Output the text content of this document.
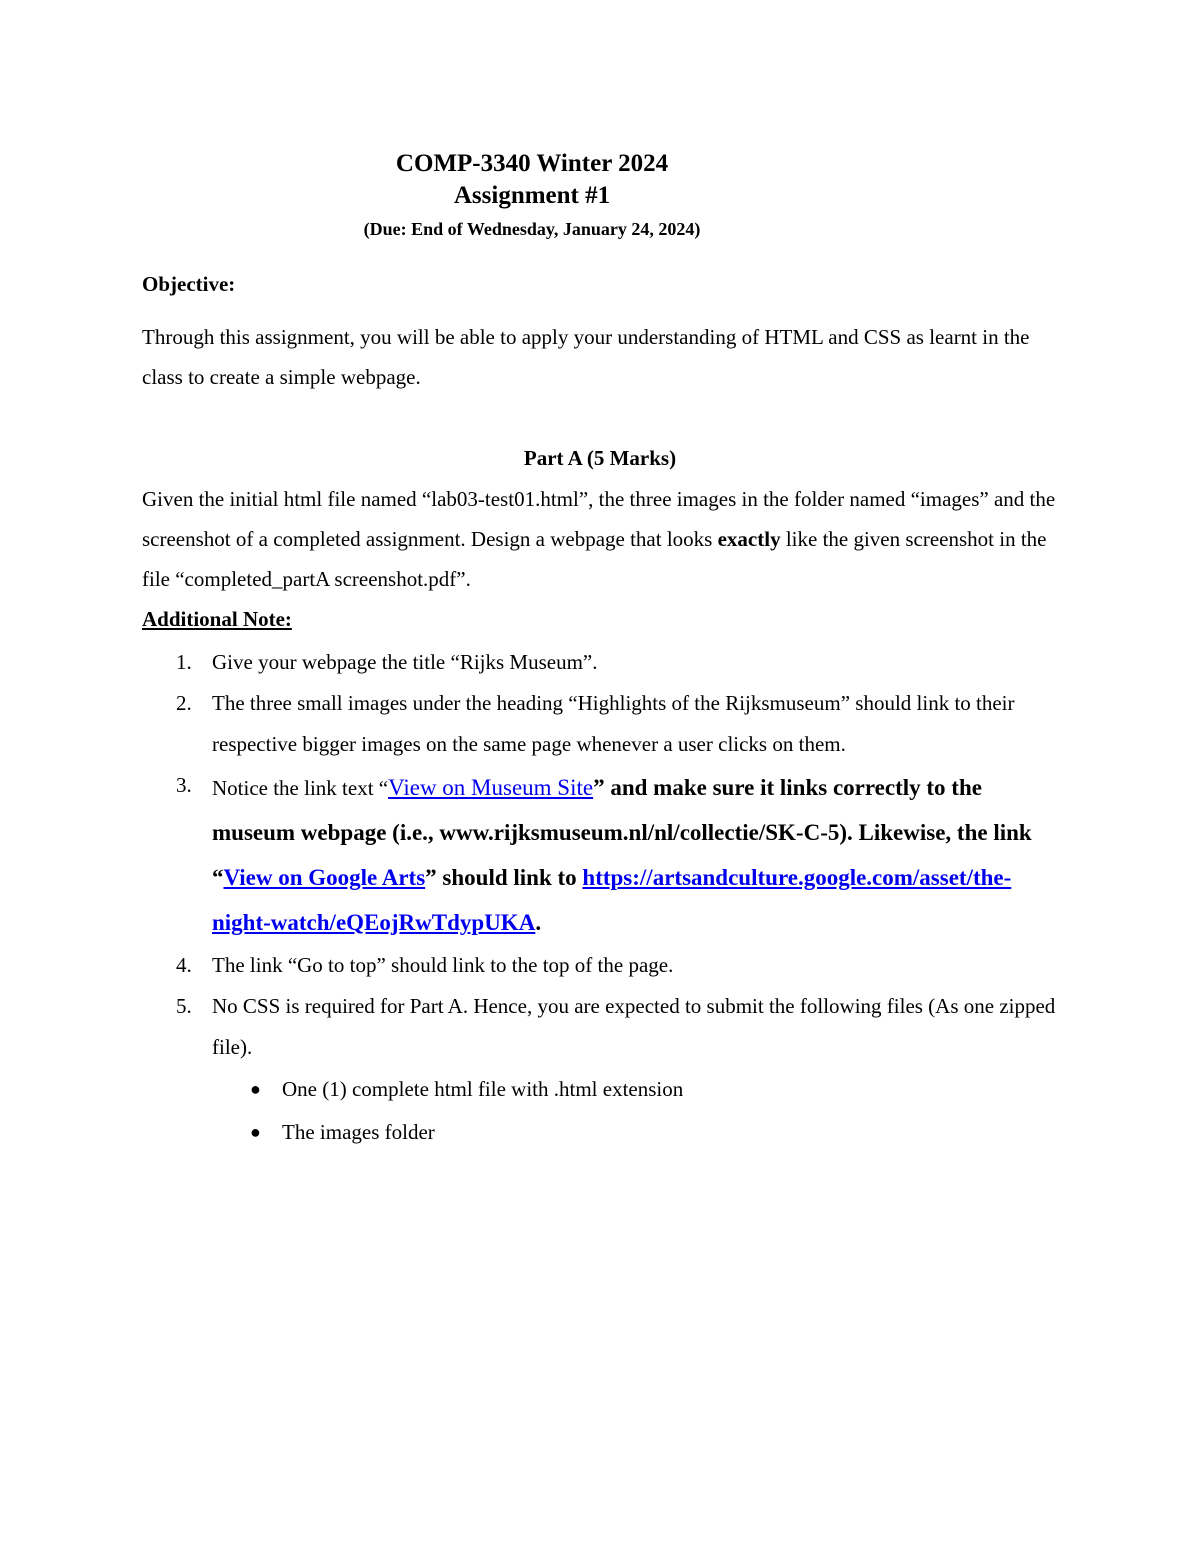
COMP-3340 Winter 2024
Assignment #1
(Due: End of Wednesday, January 24, 2024)
Objective:
Through this assignment, you will be able to apply your understanding of HTML and CSS as learnt in the class to create a simple webpage.
Part A (5 Marks)
Given the initial html file named “lab03-test01.html”, the three images in the folder named “images” and the screenshot of a completed assignment. Design a webpage that looks exactly like the given screenshot in the file “completed_partA screenshot.pdf”.
Additional Note:
1. Give your webpage the title “Rijks Museum”.
2. The three small images under the heading “Highlights of the Rijksmuseum” should link to their respective bigger images on the same page whenever a user clicks on them.
3. Notice the link text “View on Museum Site” and make sure it links correctly to the museum webpage (i.e., www.rijksmuseum.nl/nl/collectie/SK-C-5). Likewise, the link “View on Google Arts” should link to https://artsandculture.google.com/asset/the-night-watch/eQEojRwTdypUKA.
4. The link “Go to top” should link to the top of the page.
5. No CSS is required for Part A. Hence, you are expected to submit the following files (As one zipped file).
● One (1) complete html file with .html extension
● The images folder
